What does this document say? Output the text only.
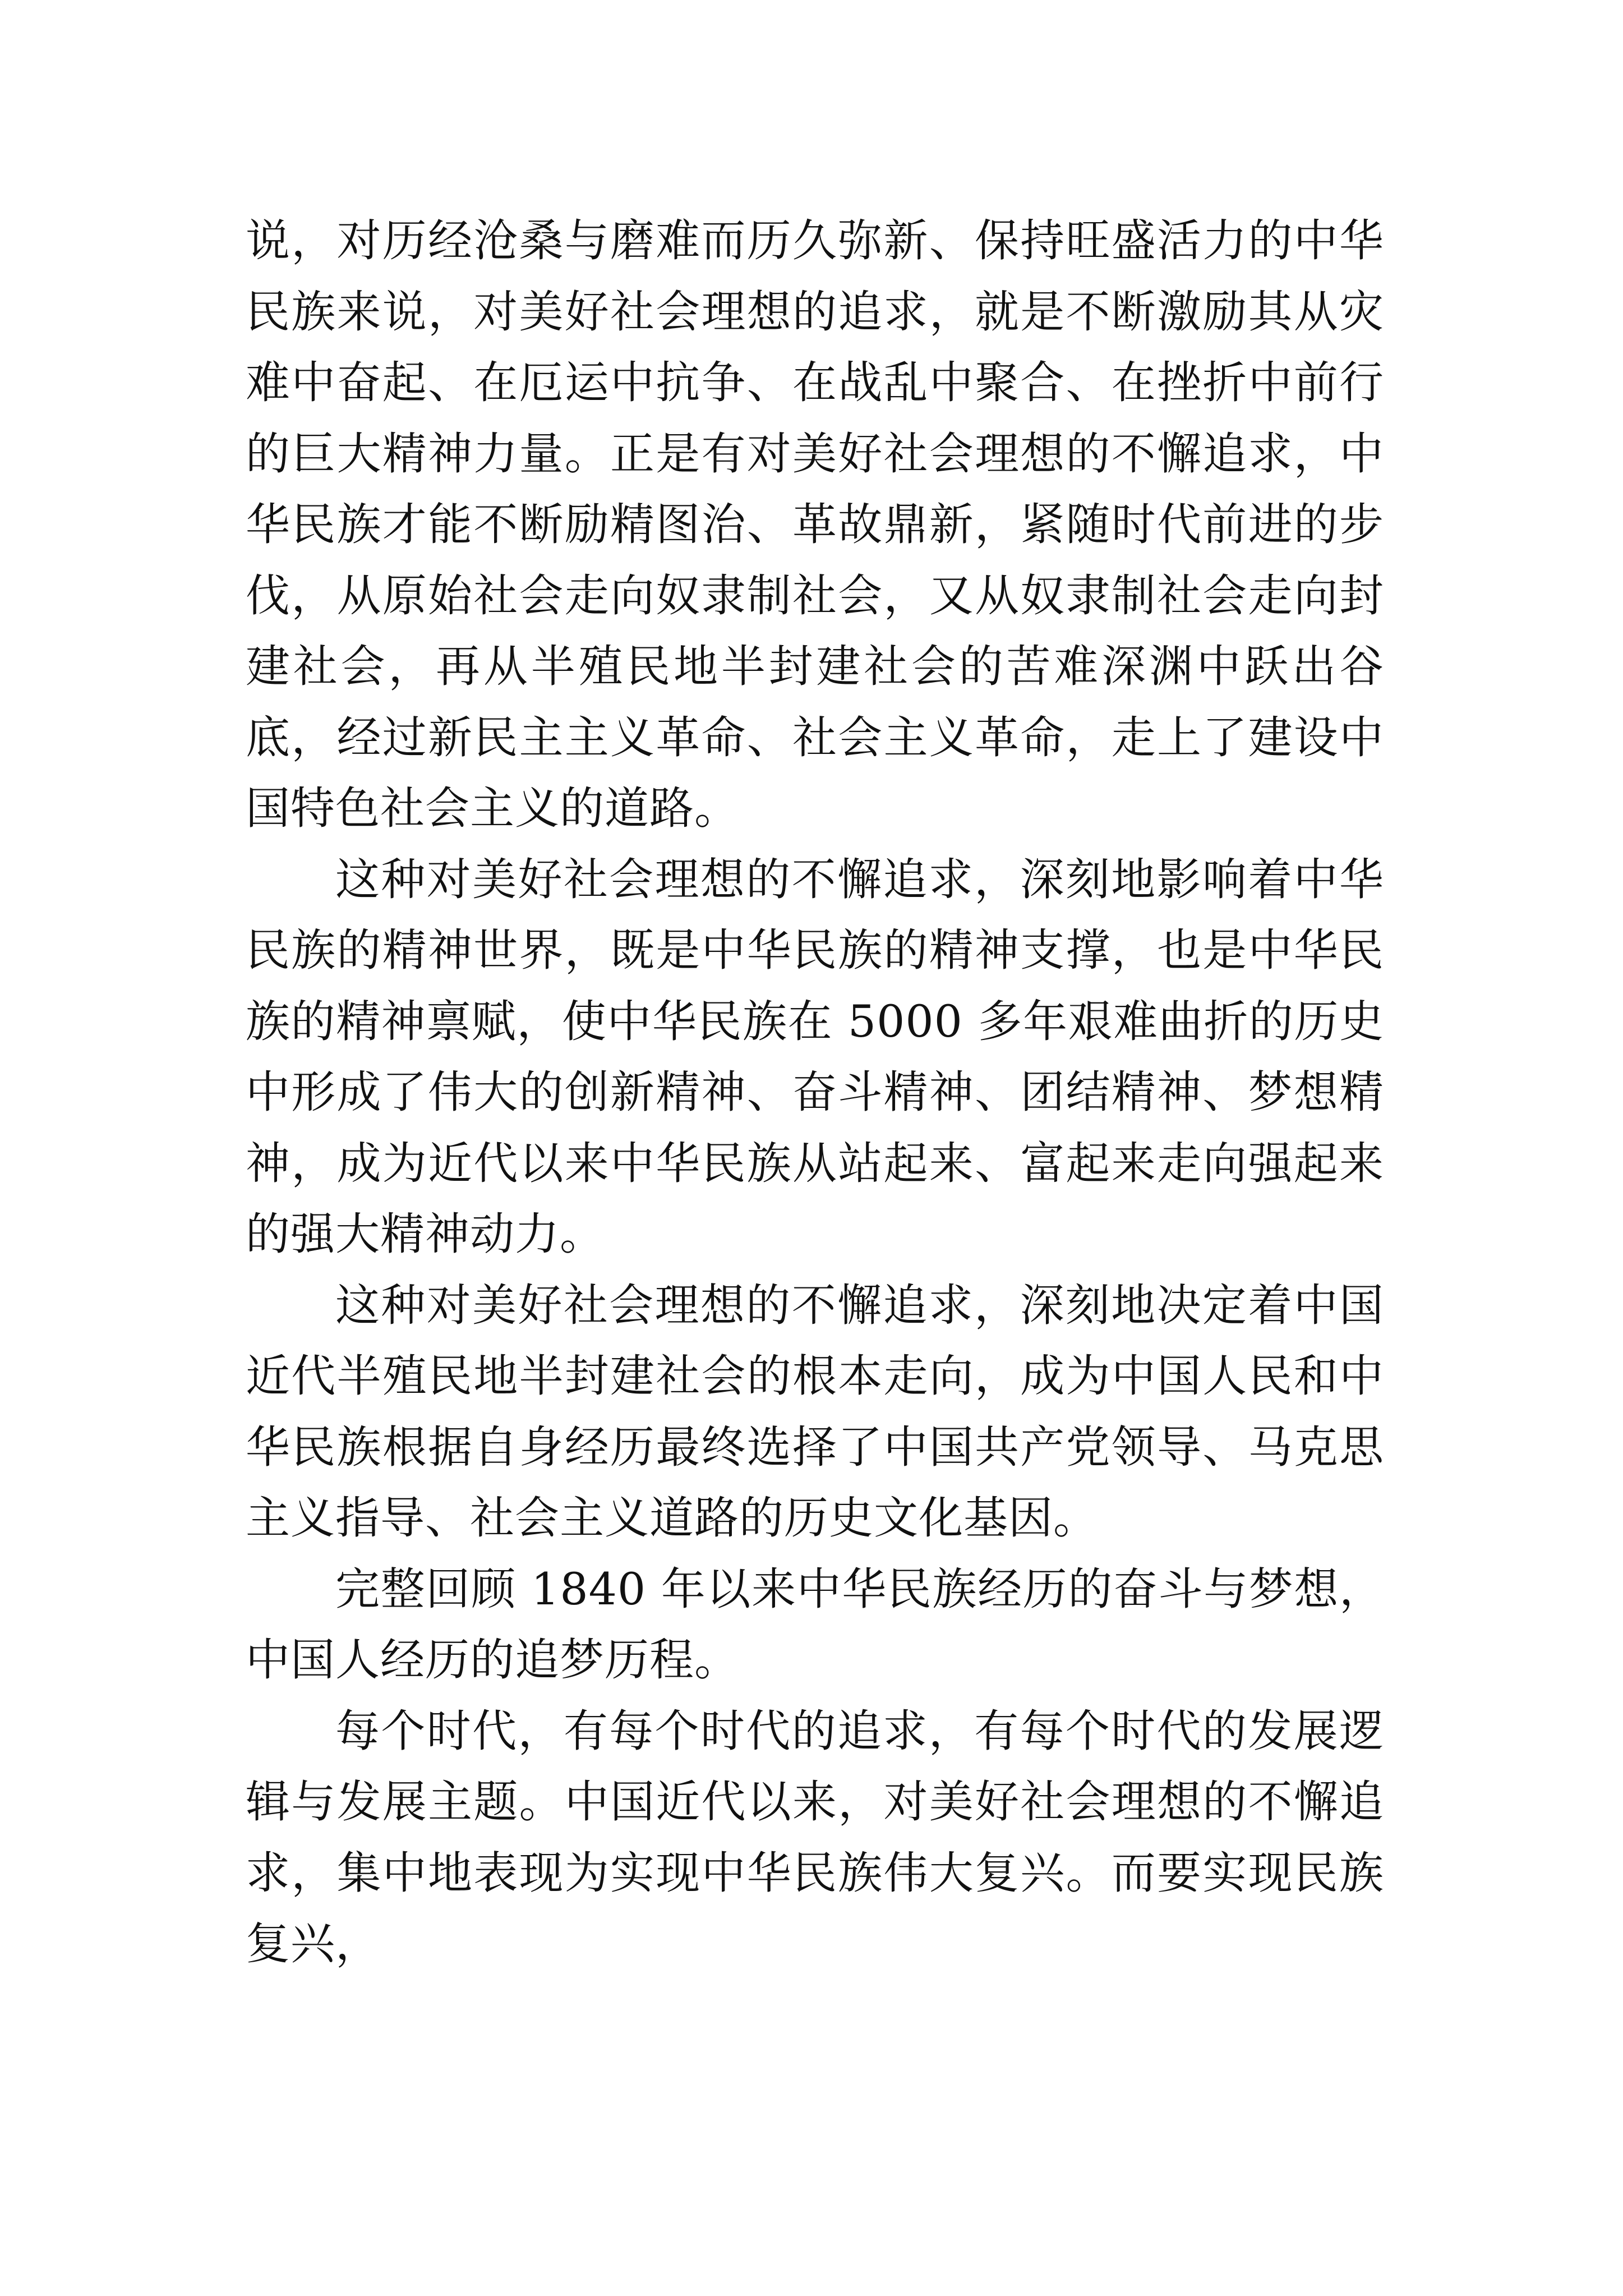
说，对历经沧桑与磨难而历久弥新、保持旺盛活力的中华民族来说，对美好社会理想的追求，就是不断激励其从灾难中奋起、在厄运中抗争、在战乱中聚合、在挫折中前行的巨大精神力量。正是有对美好社会理想的不懈追求，中华民族才能不断励精图治、革故鼎新，紧随时代前进的步伐，从原始社会走向奴隶制社会，又从奴隶制社会走向封建社会，再从半殖民地半封建社会的苦难深渊中跃出谷底，经过新民主主义革命、社会主义革命，走上了建设中国特色社会主义的道路。

这种对美好社会理想的不懈追求，深刻地影响着中华民族的精神世界，既是中华民族的精神支撑，也是中华民族的精神禀赋，使中华民族在 5000 多年艰难曲折的历史中形成了伟大的创新精神、奋斗精神、团结精神、梦想精神，成为近代以来中华民族从站起来、富起来走向强起来的强大精神动力。

这种对美好社会理想的不懈追求，深刻地决定着中国近代半殖民地半封建社会的根本走向，成为中国人民和中华民族根据自身经历最终选择了中国共产党领导、马克思主义指导、社会主义道路的历史文化基因。

完整回顾 1840 年以来中华民族经历的奋斗与梦想，中国人经历的追梦历程。

每个时代，有每个时代的追求，有每个时代的发展逻辑与发展主题。中国近代以来，对美好社会理想的不懈追求，集中地表现为实现中华民族伟大复兴。而要实现民族复兴，
